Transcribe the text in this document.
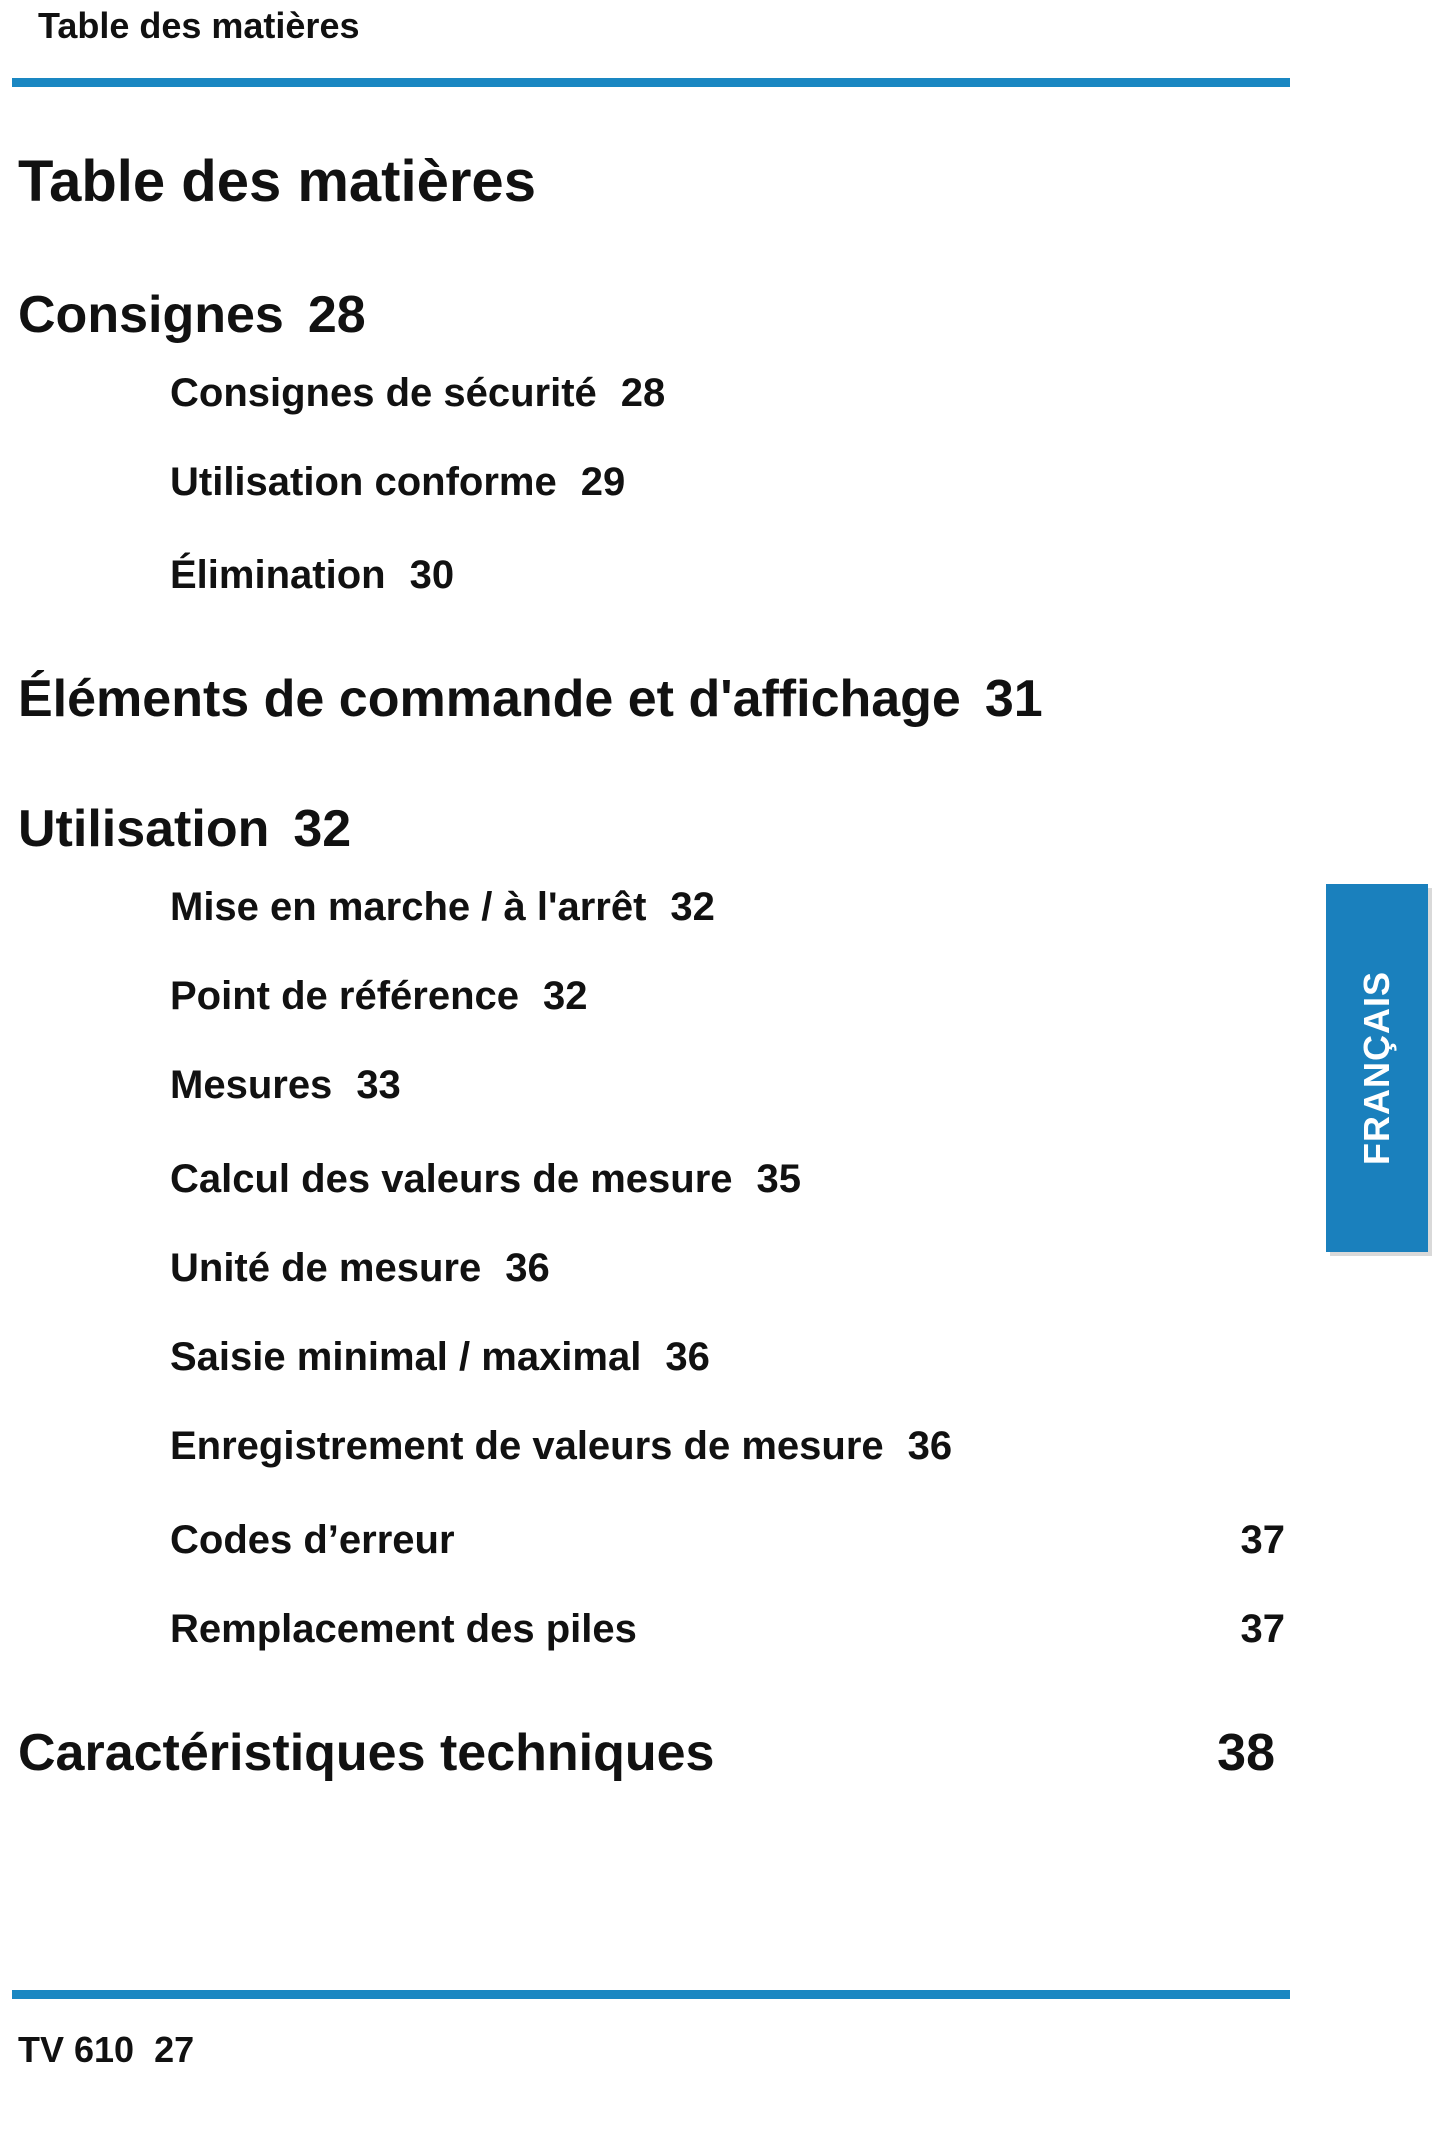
Table des matières
Table des matières
Consignes 28
Consignes de sécurité 28
Utilisation conforme 29
Élimination 30
Éléments de commande et d'affichage 31
Utilisation 32
Mise en marche / à l'arrêt 32
Point de référence 32
Mesures 33
Calcul des valeurs de mesure 35
Unité de mesure 36
Saisie minimal / maximal 36
Enregistrement de valeurs de mesure 36
Codes d’erreur	37
Remplacement des piles	37
Caractéristiques techniques	38
FRANÇAIS
TV 610 27
